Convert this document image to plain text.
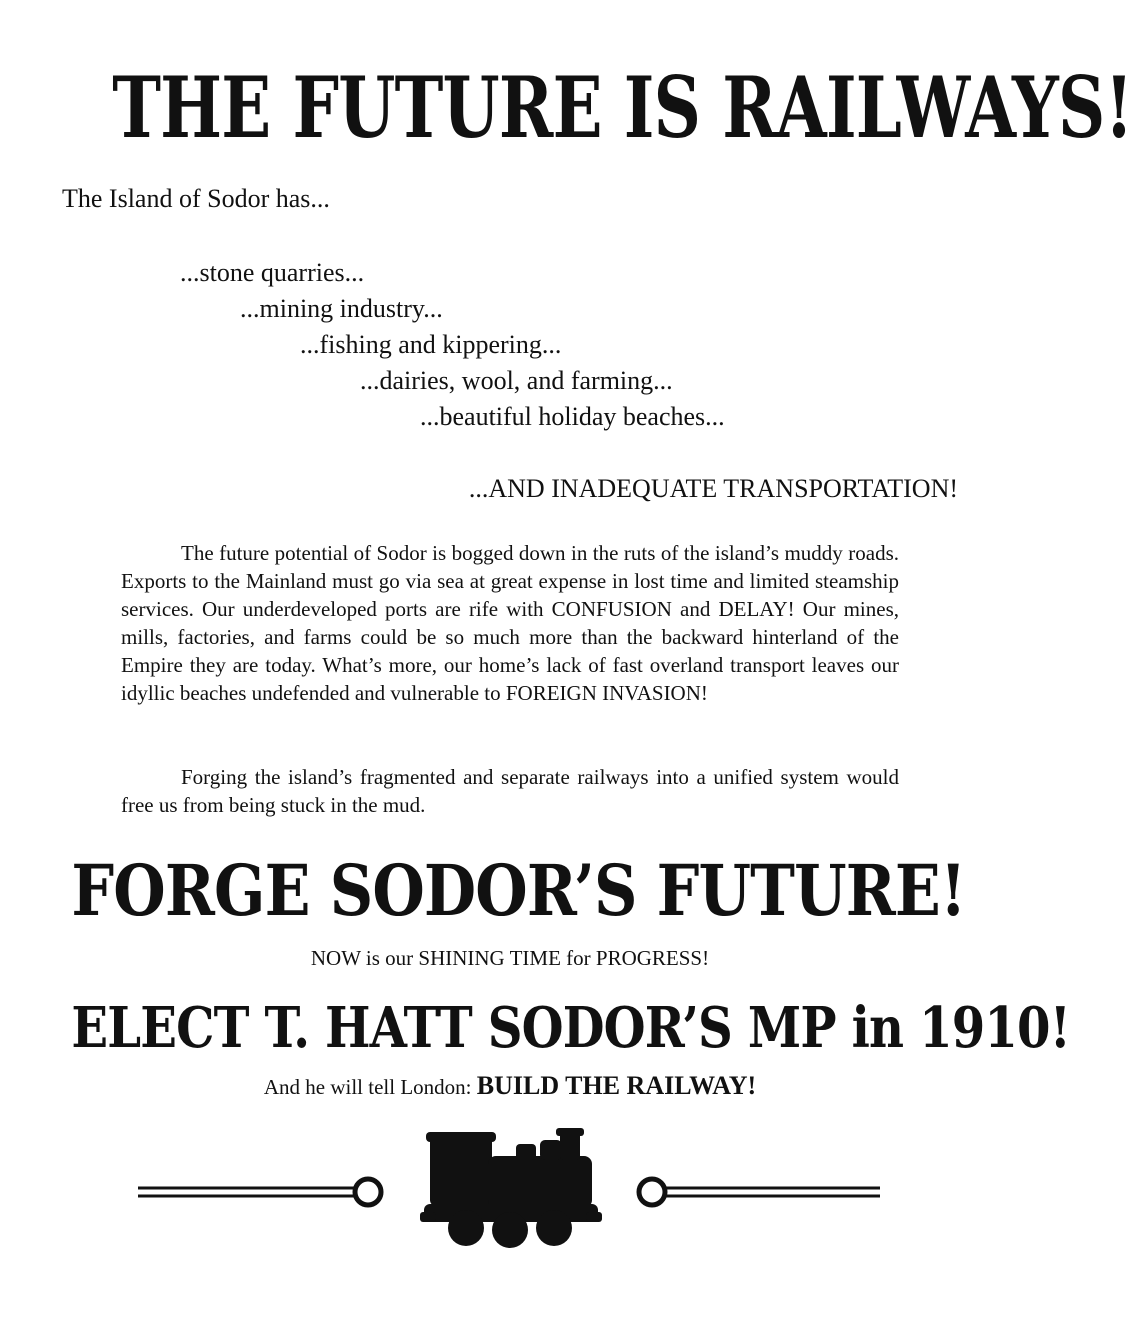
THE FUTURE IS RAILWAYS!

The Island of Sodor has...

...stone quarries...

...mining industry...

...fishing and kippering...

...dairies, wool, and farming...

...beautiful holiday beaches...

...AND INADEQUATE TRANSPORTATION!

The future potential of Sodor is bogged down in the ruts of the island’s muddy roads. Exports to the Mainland must go via sea at great expense in lost time and limited steamship services. Our underdeveloped ports are rife with CONFUSION and DELAY! Our mines, mills, factories, and farms could be so much more than the backward hinterland of the Empire they are today. What’s more, our home’s lack of fast overland transport leaves our idyllic beaches undefended and vulnerable to FOREIGN INVASION!

Forging the island’s fragmented and separate railways into a unified system would free us from being stuck in the mud.

FORGE SODOR’S FUTURE!

NOW is our SHINING TIME for PROGRESS!

ELECT T. HATT SODOR’S MP in 1910!

And he will tell London: BUILD THE RAILWAY!
